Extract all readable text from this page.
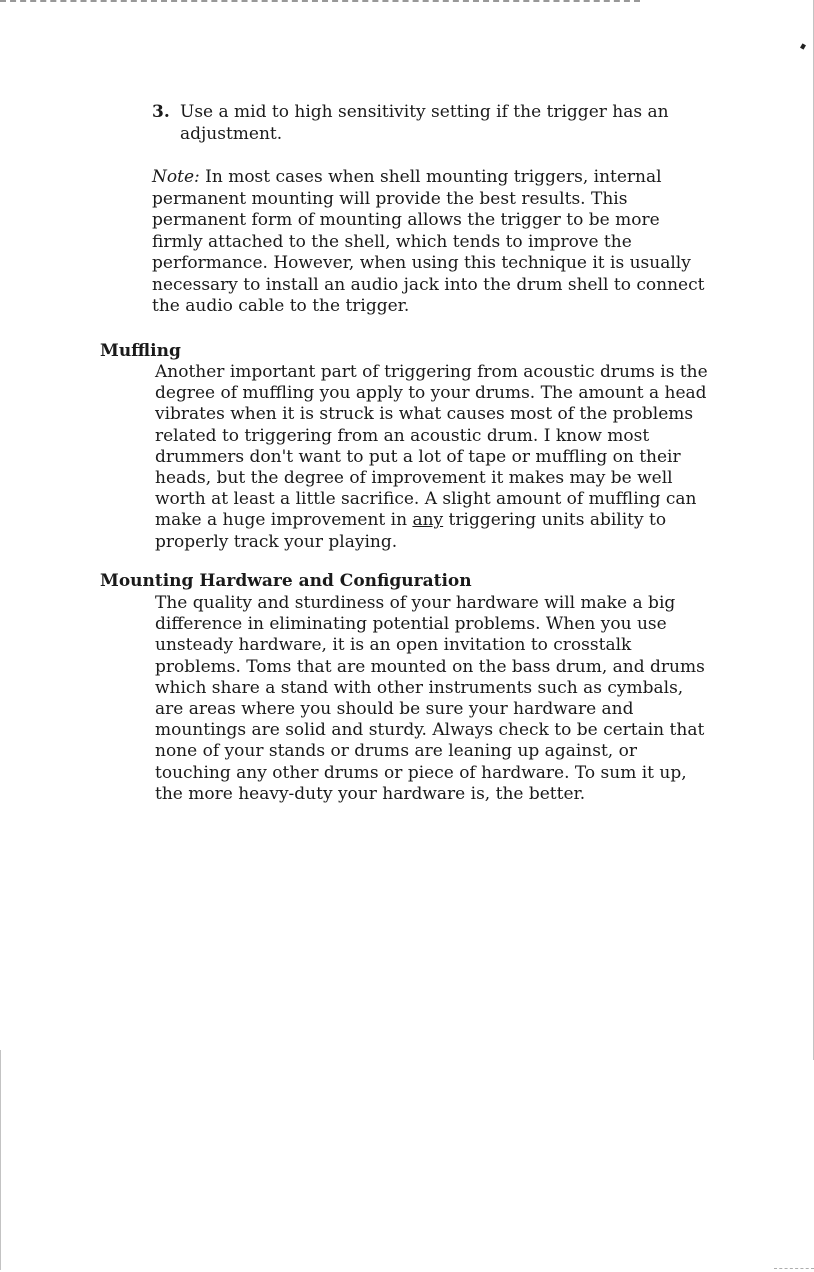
3. Use a mid to high sensitivity setting if the trigger has an adjustment.

Note: In most cases when shell mounting triggers, internal permanent mounting will provide the best results. This permanent form of mounting allows the trigger to be more firmly attached to the shell, which tends to improve the performance. However, when using this technique it is usually necessary to install an audio jack into the drum shell to connect the audio cable to the trigger.

Muffling

Another important part of triggering from acoustic drums is the degree of muffling you apply to your drums. The amount a head vibrates when it is struck is what causes most of the problems related to triggering from an acoustic drum. I know most drummers don't want to put a lot of tape or muffling on their heads, but the degree of improvement it makes may be well worth at least a little sacrifice. A slight amount of muffling can make a huge improvement in any triggering units ability to properly track your playing.

Mounting Hardware and Configuration

The quality and sturdiness of your hardware will make a big difference in eliminating potential problems. When you use unsteady hardware, it is an open invitation to crosstalk problems. Toms that are mounted on the bass drum, and drums which share a stand with other instruments such as cymbals, are areas where you should be sure your hardware and mountings are solid and sturdy. Always check to be certain that none of your stands or drums are leaning up against, or touching any other drums or piece of hardware. To sum it up, the more heavy-duty your hardware is, the better.
